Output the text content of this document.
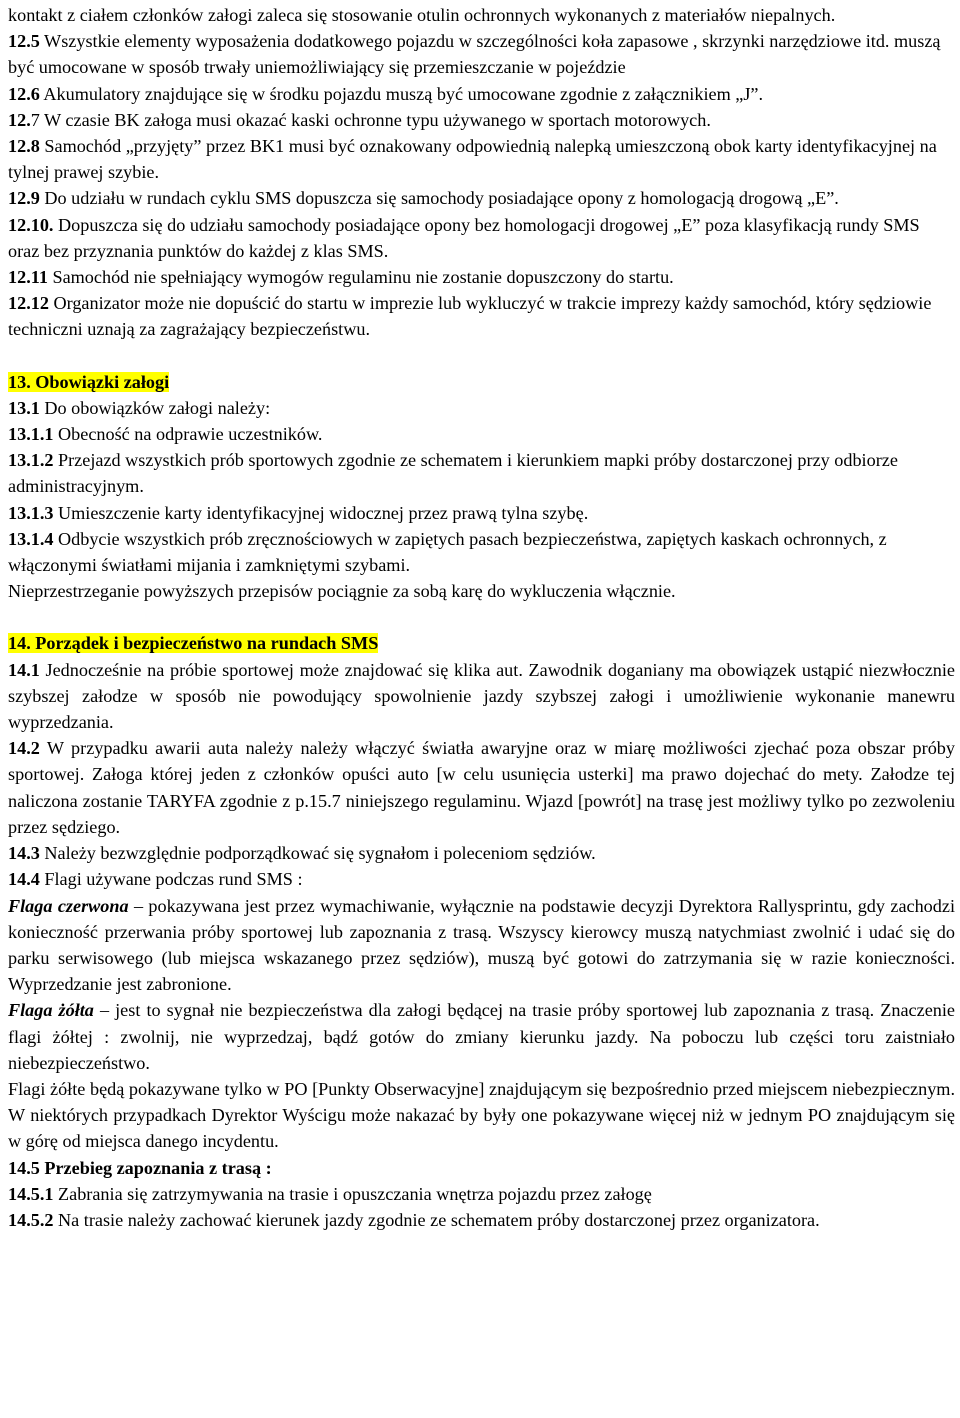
kontakt z ciałem członków załogi zaleca się stosowanie otulin ochronnych wykonanych z materiałów niepalnych.

12.5 Wszystkie elementy wyposażenia dodatkowego pojazdu w szczególności koła zapasowe , skrzynki narzędziowe itd. muszą być umocowane w sposób trwały uniemożliwiający się przemieszczanie w pojeździe

12.6 Akumulatory znajdujące się w środku pojazdu muszą być umocowane zgodnie z załącznikiem „J”.

12.7 W czasie BK załoga musi okazać kaski ochronne typu używanego w sportach motorowych.

12.8 Samochód „przyjęty” przez BK1 musi być oznakowany odpowiednią nalepką umieszczoną obok karty identyfikacyjnej na tylnej prawej szybie.

12.9 Do udziału w rundach cyklu SMS dopuszcza się samochody posiadające opony z homologacją drogową „E”.

12.10. Dopuszcza się do udziału samochody posiadające opony bez homologacji drogowej „E” poza klasyfikacją rundy SMS oraz bez przyznania punktów do każdej z klas SMS.

12.11 Samochód nie spełniający wymogów regulaminu nie zostanie dopuszczony do startu.

12.12 Organizator może nie dopuścić do startu w imprezie lub wykluczyć w trakcie imprezy każdy samochód, który sędziowie techniczni uznają za zagrażający bezpieczeństwu.

13. Obowiązki załogi

13.1 Do obowiązków załogi należy:

13.1.1 Obecność na odprawie uczestników.

13.1.2 Przejazd wszystkich prób sportowych zgodnie ze schematem i kierunkiem mapki próby dostarczonej przy odbiorze administracyjnym.

13.1.3 Umieszczenie karty identyfikacyjnej widocznej przez prawą tylna szybę.

13.1.4 Odbycie wszystkich prób zręcznościowych w zapiętych pasach bezpieczeństwa, zapiętych kaskach ochronnych, z włączonymi światłami mijania i zamkniętymi szybami.

Nieprzestrzeganie powyższych przepisów pociągnie za sobą karę do wykluczenia włącznie.

14. Porządek i bezpieczeństwo na rundach SMS

14.1 Jednocześnie na próbie sportowej może znajdować się klika aut. Zawodnik doganiany ma obowiązek ustąpić niezwłocznie szybszej załodze w sposób nie powodujący spowolnienie jazdy szybszej załogi i umożliwienie wykonanie manewru wyprzedzania.

14.2 W przypadku awarii auta należy należy włączyć światła awaryjne oraz w miarę możliwości zjechać poza obszar próby sportowej. Załoga której jeden z członków opuści auto [w celu usunięcia usterki] ma prawo dojechać do mety. Załodze tej naliczona zostanie TARYFA zgodnie z p.15.7 niniejszego regulaminu. Wjazd [powrót] na trasę jest możliwy tylko po zezwoleniu przez sędziego.

14.3 Należy bezwzględnie podporządkować się sygnałom i poleceniom sędziów.

14.4 Flagi używane podczas rund SMS :

Flaga czerwona – pokazywana jest przez wymachiwanie, wyłącznie na podstawie decyzji Dyrektora Rallysprintu, gdy zachodzi konieczność przerwania próby sportowej lub zapoznania z trasą. Wszyscy kierowcy muszą natychmiast zwolnić i udać się do parku serwisowego (lub miejsca wskazanego przez sędziów), muszą być gotowi do zatrzymania się w razie konieczności. Wyprzedzanie jest zabronione.

Flaga żółta – jest to sygnał nie bezpieczeństwa dla załogi będącej na trasie próby sportowej lub zapoznania z trasą. Znaczenie flagi żółtej : zwolnij, nie wyprzedzaj, bądź gotów do zmiany kierunku jazdy. Na poboczu lub części toru zaistniało niebezpieczeństwo.

Flagi żółte będą pokazywane tylko w PO [Punkty Obserwacyjne] znajdującym się bezpośrednio przed miejscem niebezpiecznym. W niektórych przypadkach Dyrektor Wyścigu może nakazać by były one pokazywane więcej niż w jednym PO znajdującym się w górę od miejsca danego incydentu.

14.5 Przebieg zapoznania z trasą :

14.5.1 Zabrania się zatrzymywania na trasie i opuszczania wnętrza pojazdu przez załogę

14.5.2 Na trasie należy zachować kierunek jazdy zgodnie ze schematem próby dostarczonej przez organizatora.
